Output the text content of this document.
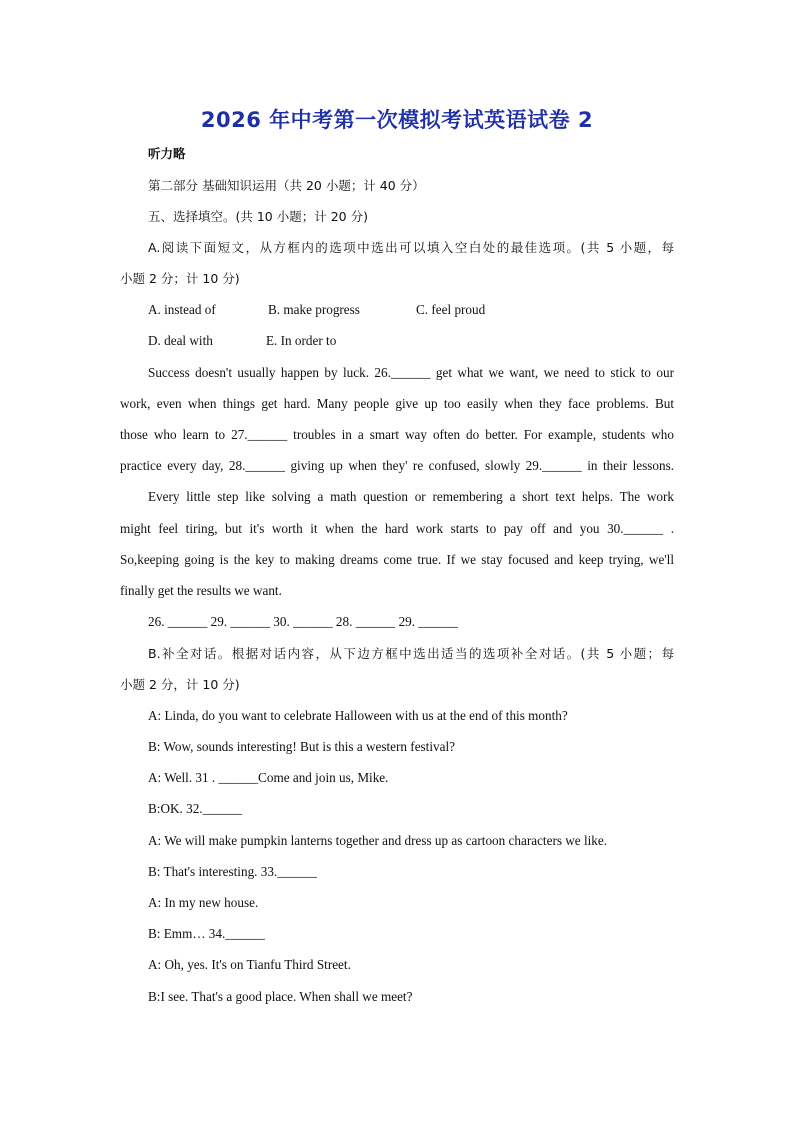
2026 年中考第一次模拟考试英语试卷 2
听力略
第二部分 基础知识运用（共 20 小题；计 40 分）
五、选择填空。(共 10 小题；计 20 分)
A.阅读下面短文，从方框内的选项中选出可以填入空白处的最佳选项。(共 5 小题，每
小题 2 分；计 10 分)
A. instead of	B. make progress	C. feel proud
D. deal with	E. In order to
Success doesn't usually happen by luck. 26.______ get what we want, we need to stick to our
work, even when things get hard. Many people give up too easily when they face problems. But
those who learn to 27.______ troubles in a smart way often do better. For example, students who
practice every day, 28.______ giving up when they' re confused, slowly 29.______ in their lessons.
Every little step like solving a math question or remembering a short text helps. The work
might feel tiring, but it's worth it when the hard work starts to pay off and you 30.______ .
So,keeping going is the key to making dreams come true. If we stay focused and keep trying, we'll
finally get the results we want.
26. ______ 29. ______ 30. ______ 28. ______ 29. ______
B.补全对话。根据对话内容，从下边方框中选出适当的选项补全对话。(共 5 小题；每
小题 2 分，计 10 分)
A: Linda, do you want to celebrate Halloween with us at the end of this month?
B: Wow, sounds interesting! But is this a western festival?
A: Well. 31 . ______Come and join us, Mike.
B:OK. 32.______
A: We will make pumpkin lanterns together and dress up as cartoon characters we like.
B: That's interesting. 33.______
A: In my new house.
B: Emm… 34.______
A: Oh, yes. It's on Tianfu Third Street.
B:I see. That's a good place. When shall we meet?
